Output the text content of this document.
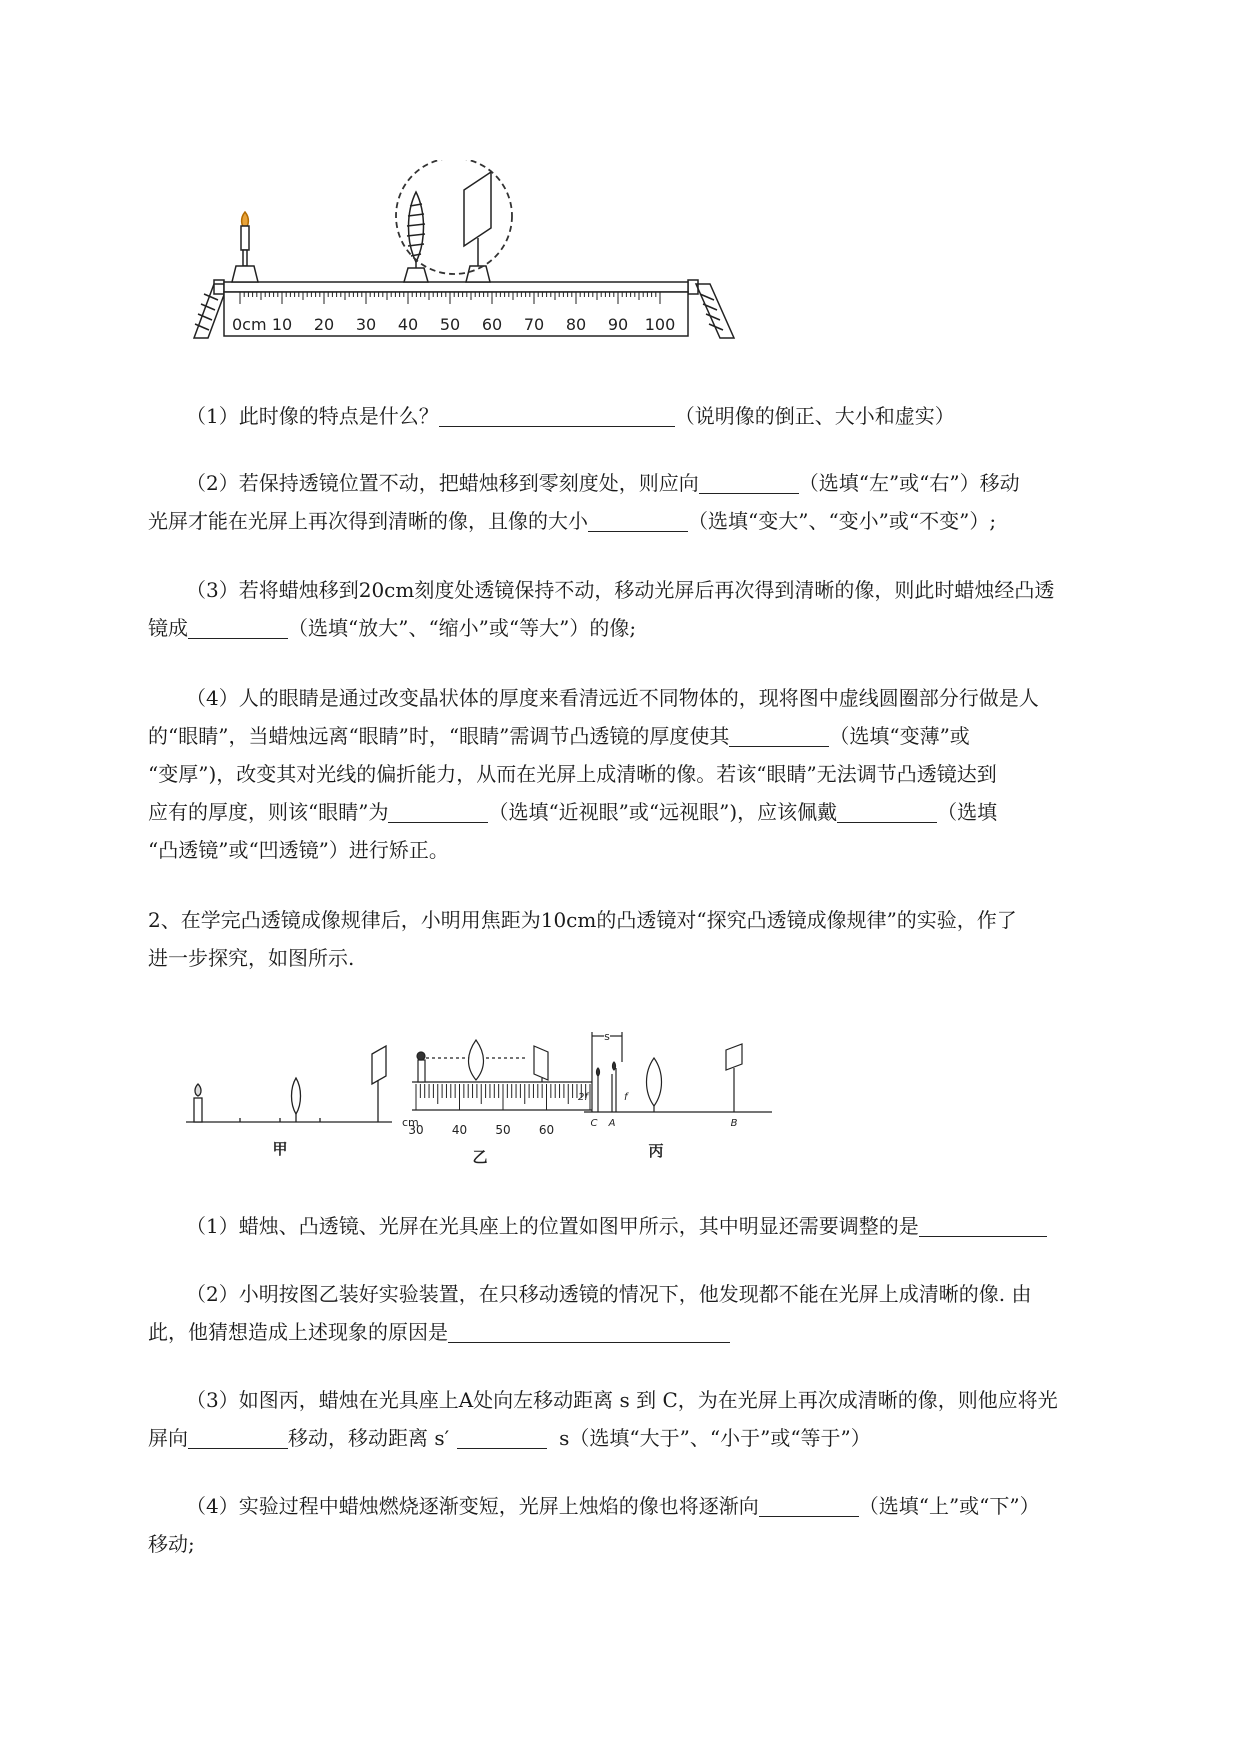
0cm 10 20 30 40 50 60 70 80 90 100
（1）此时像的特点是什么？	（说明像的倒正、大小和虚实）
（2）若保持透镜位置不动，把蜡烛移到零刻度处，则应向	（选填“左”或“右”）移动
光屏才能在光屏上再次得到清晰的像，且像的大小	（选填“变大”、“变小”或“不变”）;
（3）若将蜡烛移到20cm刻度处透镜保持不动，移动光屏后再次得到清晰的像，则此时蜡烛经凸透
镜成	（选填“放大”、“缩小”或“等大”）的像;
（4）人的眼睛是通过改变晶状体的厚度来看清远近不同物体的，现将图中虚线圆圈部分行做是人
的“眼睛”，当蜡烛远离“眼睛”时，“眼睛”需调节凸透镜的厚度使其	（选填“变薄”或
“变厚”)，改变其对光线的偏折能力，从而在光屏上成清晰的像。若该“眼睛”无法调节凸透镜达到
应有的厚度，则该“眼睛”为	（选填“近视眼”或“远视眼”)，应该佩戴	（选填
“凸透镜”或“凹透镜”）进行矫正。
2、在学完凸透镜成像规律后，小明用焦距为10cm的凸透镜对“探究凸透镜成像规律”的实验，作了
进一步探究，如图所示.
甲
cm
30 40 50 60
乙
s
2f	f
C A	B
丙
（1）蜡烛、凸透镜、光屏在光具座上的位置如图甲所示，其中明显还需要调整的是
（2）小明按图乙装好实验装置，在只移动透镜的情况下，他发现都不能在光屏上成清晰的像. 由
此，他猜想造成上述现象的原因是
（3）如图丙，蜡烛在光具座上A处向左移动距离 s 到 C，为在光屏上再次成清晰的像，则他应将光
屏向	移动，移动距离 s′	s（选填“大于”、“小于”或“等于”）
（4）实验过程中蜡烛燃烧逐渐变短，光屏上烛焰的像也将逐渐向	（选填“上”或“下”）
移动;
